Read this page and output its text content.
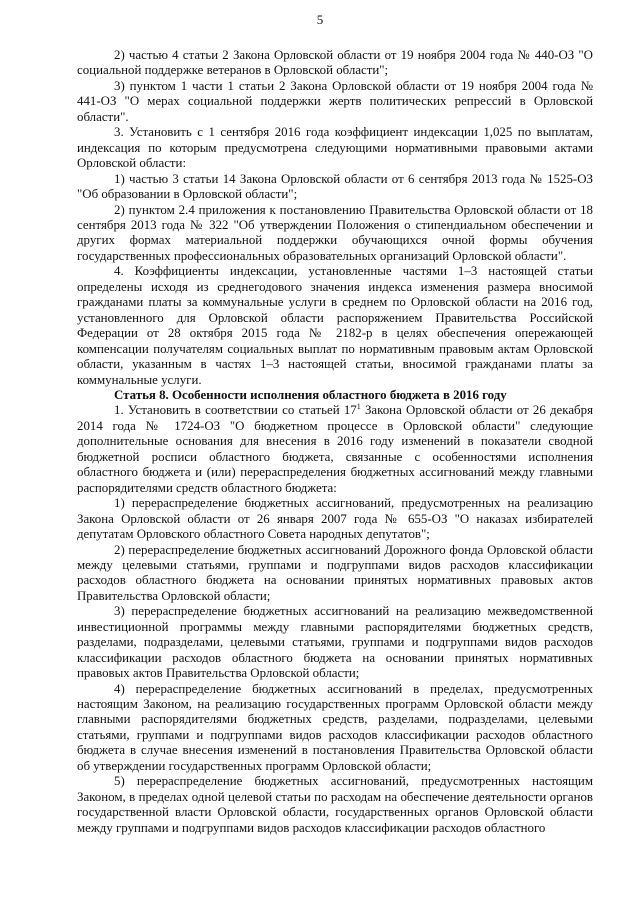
5

2) частью 4 статьи 2 Закона Орловской области от 19 ноября 2004 года № 440-ОЗ "О социальной поддержке ветеранов в Орловской области";

3) пунктом 1 части 1 статьи 2 Закона Орловской области от 19 ноября 2004 года № 441-ОЗ "О мерах социальной поддержки жертв политических репрессий в Орловской области".

3. Установить с 1 сентября 2016 года коэффициент индексации 1,025 по выплатам, индексация по которым предусмотрена следующими нормативными правовыми актами Орловской области:

1) частью 3 статьи 14 Закона Орловской области от 6 сентября 2013 года № 1525-ОЗ "Об образовании в Орловской области";

2) пунктом 2.4 приложения к постановлению Правительства Орловской области от 18 сентября 2013 года № 322 "Об утверждении Положения о стипендиальном обеспечении и других формах материальной поддержки обучающихся очной формы обучения государственных профессиональных образовательных организаций Орловской области".

4. Коэффициенты индексации, установленные частями 1–3 настоящей статьи определены исходя из среднегодового значения индекса изменения размера вносимой гражданами платы за коммунальные услуги в среднем по Орловской области на 2016 год, установленного для Орловской области распоряжением Правительства Российской Федерации от 28 октября 2015 года № 2182-р в целях обеспечения опережающей компенсации получателям социальных выплат по нормативным правовым актам Орловской области, указанным в частях 1–3 настоящей статьи, вносимой гражданами платы за коммунальные услуги.

Статья 8. Особенности исполнения областного бюджета в 2016 году

1. Установить в соответствии со статьей $17^1$ Закона Орловской области от 26 декабря 2014 года № 1724-ОЗ "О бюджетном процессе в Орловской области" следующие дополнительные основания для внесения в 2016 году изменений в показатели сводной бюджетной росписи областного бюджета, связанные с особенностями исполнения областного бюджета и (или) перераспределения бюджетных ассигнований между главными распорядителями средств областного бюджета:

1) перераспределение бюджетных ассигнований, предусмотренных на реализацию Закона Орловской области от 26 января 2007 года № 655-ОЗ "О наказах избирателей депутатам Орловского областного Совета народных депутатов";

2) перераспределение бюджетных ассигнований Дорожного фонда Орловской области между целевыми статьями, группами и подгруппами видов расходов классификации расходов областного бюджета на основании принятых нормативных правовых актов Правительства Орловской области;

3) перераспределение бюджетных ассигнований на реализацию межведомственной инвестиционной программы между главными распорядителями бюджетных средств, разделами, подразделами, целевыми статьями, группами и подгруппами видов расходов классификации расходов областного бюджета на основании принятых нормативных правовых актов Правительства Орловской области;

4) перераспределение бюджетных ассигнований в пределах, предусмотренных настоящим Законом, на реализацию государственных программ Орловской области между главными распорядителями бюджетных средств, разделами, подразделами, целевыми статьями, группами и подгруппами видов расходов классификации расходов областного бюджета в случае внесения изменений в постановления Правительства Орловской области об утверждении государственных программ Орловской области;

5) перераспределение бюджетных ассигнований, предусмотренных настоящим Законом, в пределах одной целевой статьи по расходам на обеспечение деятельности органов государственной власти Орловской области, государственных органов Орловской области между группами и подгруппами видов расходов классификации расходов областного
